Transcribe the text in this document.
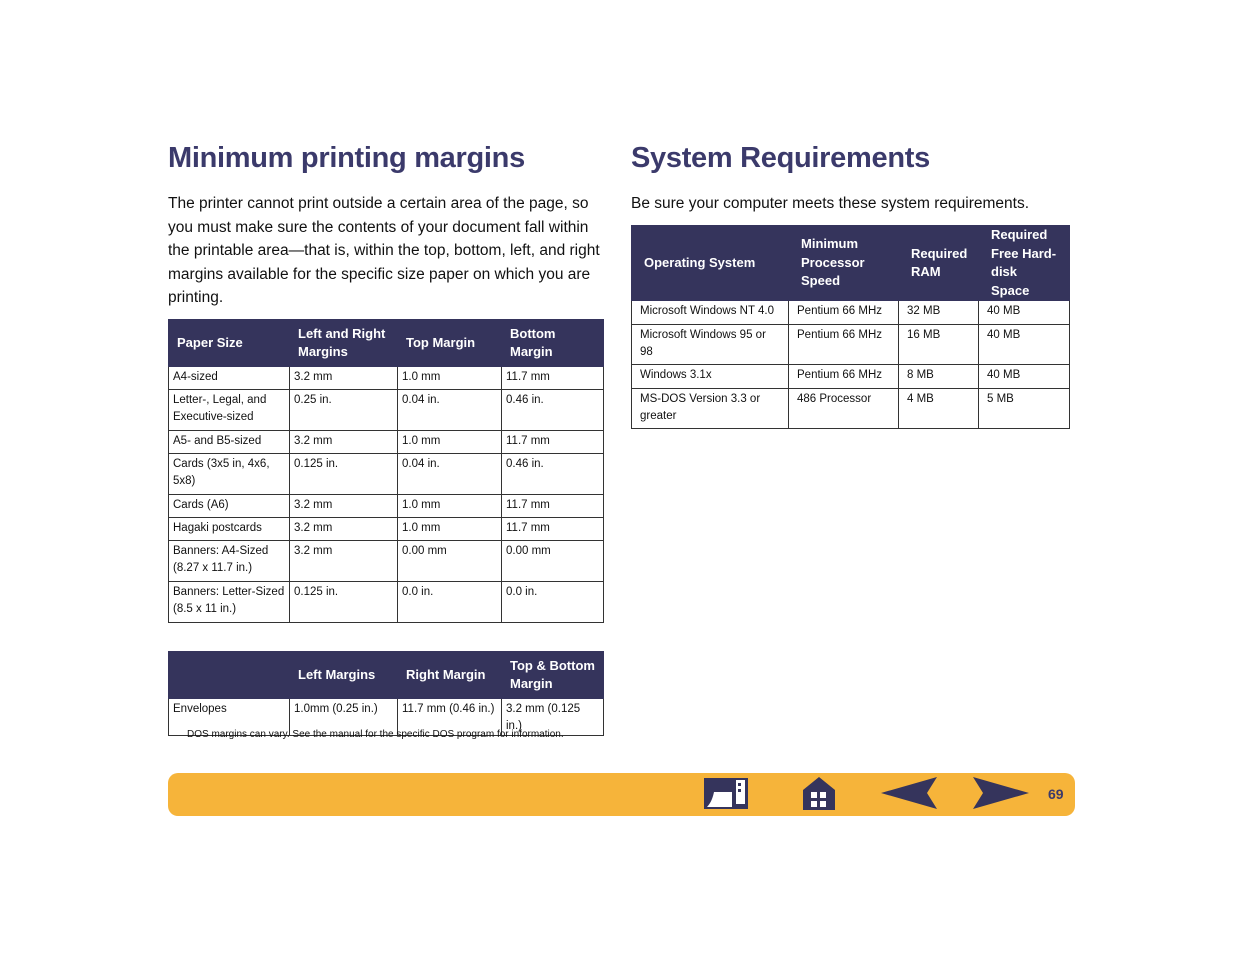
Minimum printing margins

The printer cannot print outside a certain area of the page, so you must make sure the contents of your document fall within the printable area—that is, within the top, bottom, left, and right margins available for the specific size paper on which you are printing.

Paper Size	Left and Right Margins	Top Margin	Bottom Margin
A4-sized	3.2 mm	1.0 mm	11.7 mm
Letter-, Legal, and Executive-sized	0.25 in.	0.04 in.	0.46 in.
A5- and B5-sized	3.2 mm	1.0 mm	11.7 mm
Cards (3x5 in, 4x6, 5x8)	0.125 in.	0.04 in.	0.46 in.
Cards (A6)	3.2 mm	1.0 mm	11.7 mm
Hagaki postcards	3.2 mm	1.0 mm	11.7 mm
Banners: A4-Sized (8.27 x 11.7 in.)	3.2 mm	0.00 mm	0.00 mm
Banners: Letter-Sized (8.5 x 11 in.)	0.125 in.	0.0 in.	0.0 in.
	Left Margins	Right Margin	Top & Bottom Margin
Envelopes	1.0mm (0.25 in.)	11.7 mm (0.46 in.)	3.2 mm (0.125 in.)

DOS margins can vary. See the manual for the specific DOS program for information.

System Requirements

Be sure your computer meets these system requirements.

Operating System	Minimum Processor Speed	Required RAM	Required Free Hard-disk Space
Microsoft Windows NT 4.0	Pentium 66 MHz	32 MB	40 MB
Microsoft Windows 95 or 98	Pentium 66 MHz	16 MB	40 MB
Windows 3.1x	Pentium 66 MHz	8 MB	40 MB
MS-DOS Version 3.3 or greater	486 Processor	4 MB	5 MB
69
